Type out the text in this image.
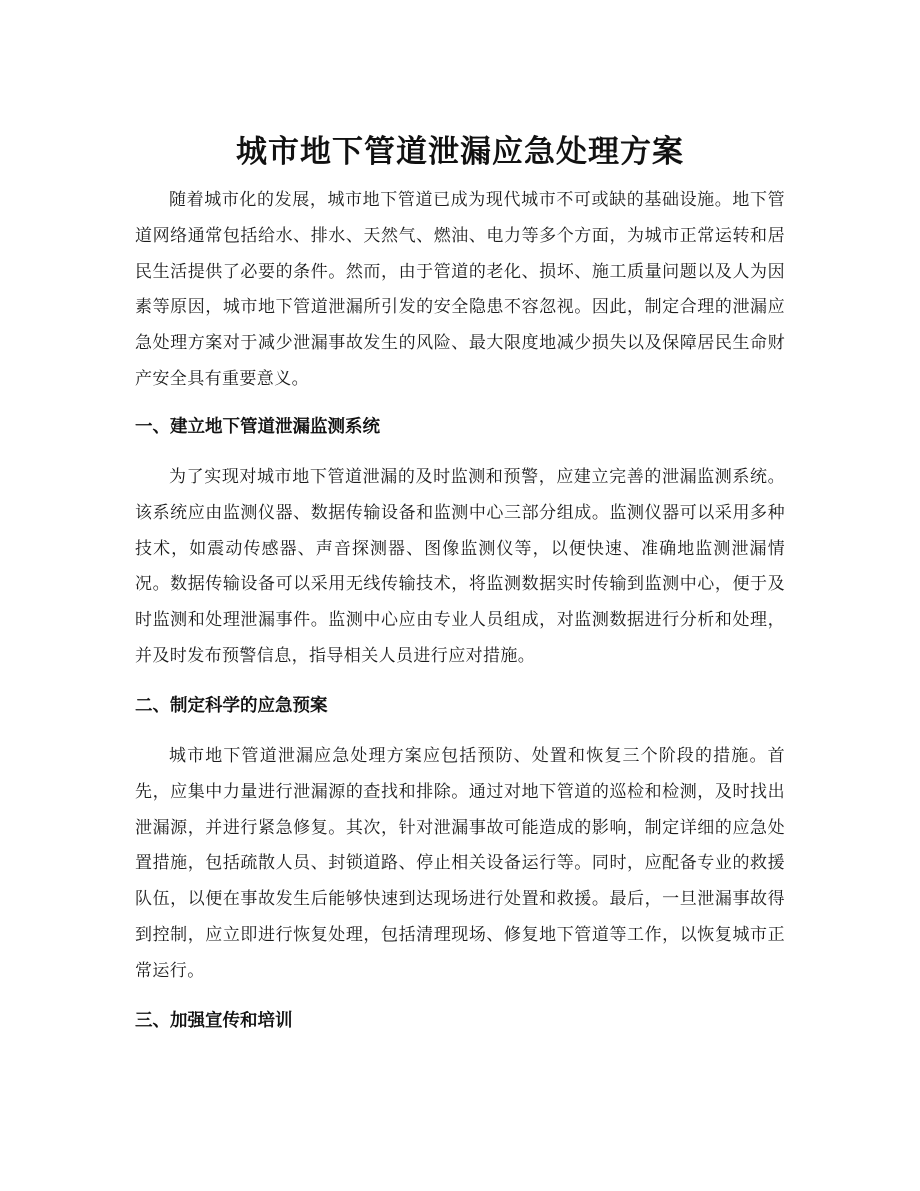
城市地下管道泄漏应急处理方案

随着城市化的发展，城市地下管道已成为现代城市不可或缺的基础设施。地下管道网络通常包括给水、排水、天然气、燃油、电力等多个方面，为城市正常运转和居民生活提供了必要的条件。然而，由于管道的老化、损坏、施工质量问题以及人为因素等原因，城市地下管道泄漏所引发的安全隐患不容忽视。因此，制定合理的泄漏应急处理方案对于减少泄漏事故发生的风险、最大限度地减少损失以及保障居民生命财产安全具有重要意义。

一、建立地下管道泄漏监测系统

为了实现对城市地下管道泄漏的及时监测和预警，应建立完善的泄漏监测系统。该系统应由监测仪器、数据传输设备和监测中心三部分组成。监测仪器可以采用多种技术，如震动传感器、声音探测器、图像监测仪等，以便快速、准确地监测泄漏情况。数据传输设备可以采用无线传输技术，将监测数据实时传输到监测中心，便于及时监测和处理泄漏事件。监测中心应由专业人员组成，对监测数据进行分析和处理，并及时发布预警信息，指导相关人员进行应对措施。

二、制定科学的应急预案

城市地下管道泄漏应急处理方案应包括预防、处置和恢复三个阶段的措施。首先，应集中力量进行泄漏源的查找和排除。通过对地下管道的巡检和检测，及时找出泄漏源，并进行紧急修复。其次，针对泄漏事故可能造成的影响，制定详细的应急处置措施，包括疏散人员、封锁道路、停止相关设备运行等。同时，应配备专业的救援队伍，以便在事故发生后能够快速到达现场进行处置和救援。最后，一旦泄漏事故得到控制，应立即进行恢复处理，包括清理现场、修复地下管道等工作，以恢复城市正常运行。

三、加强宣传和培训
